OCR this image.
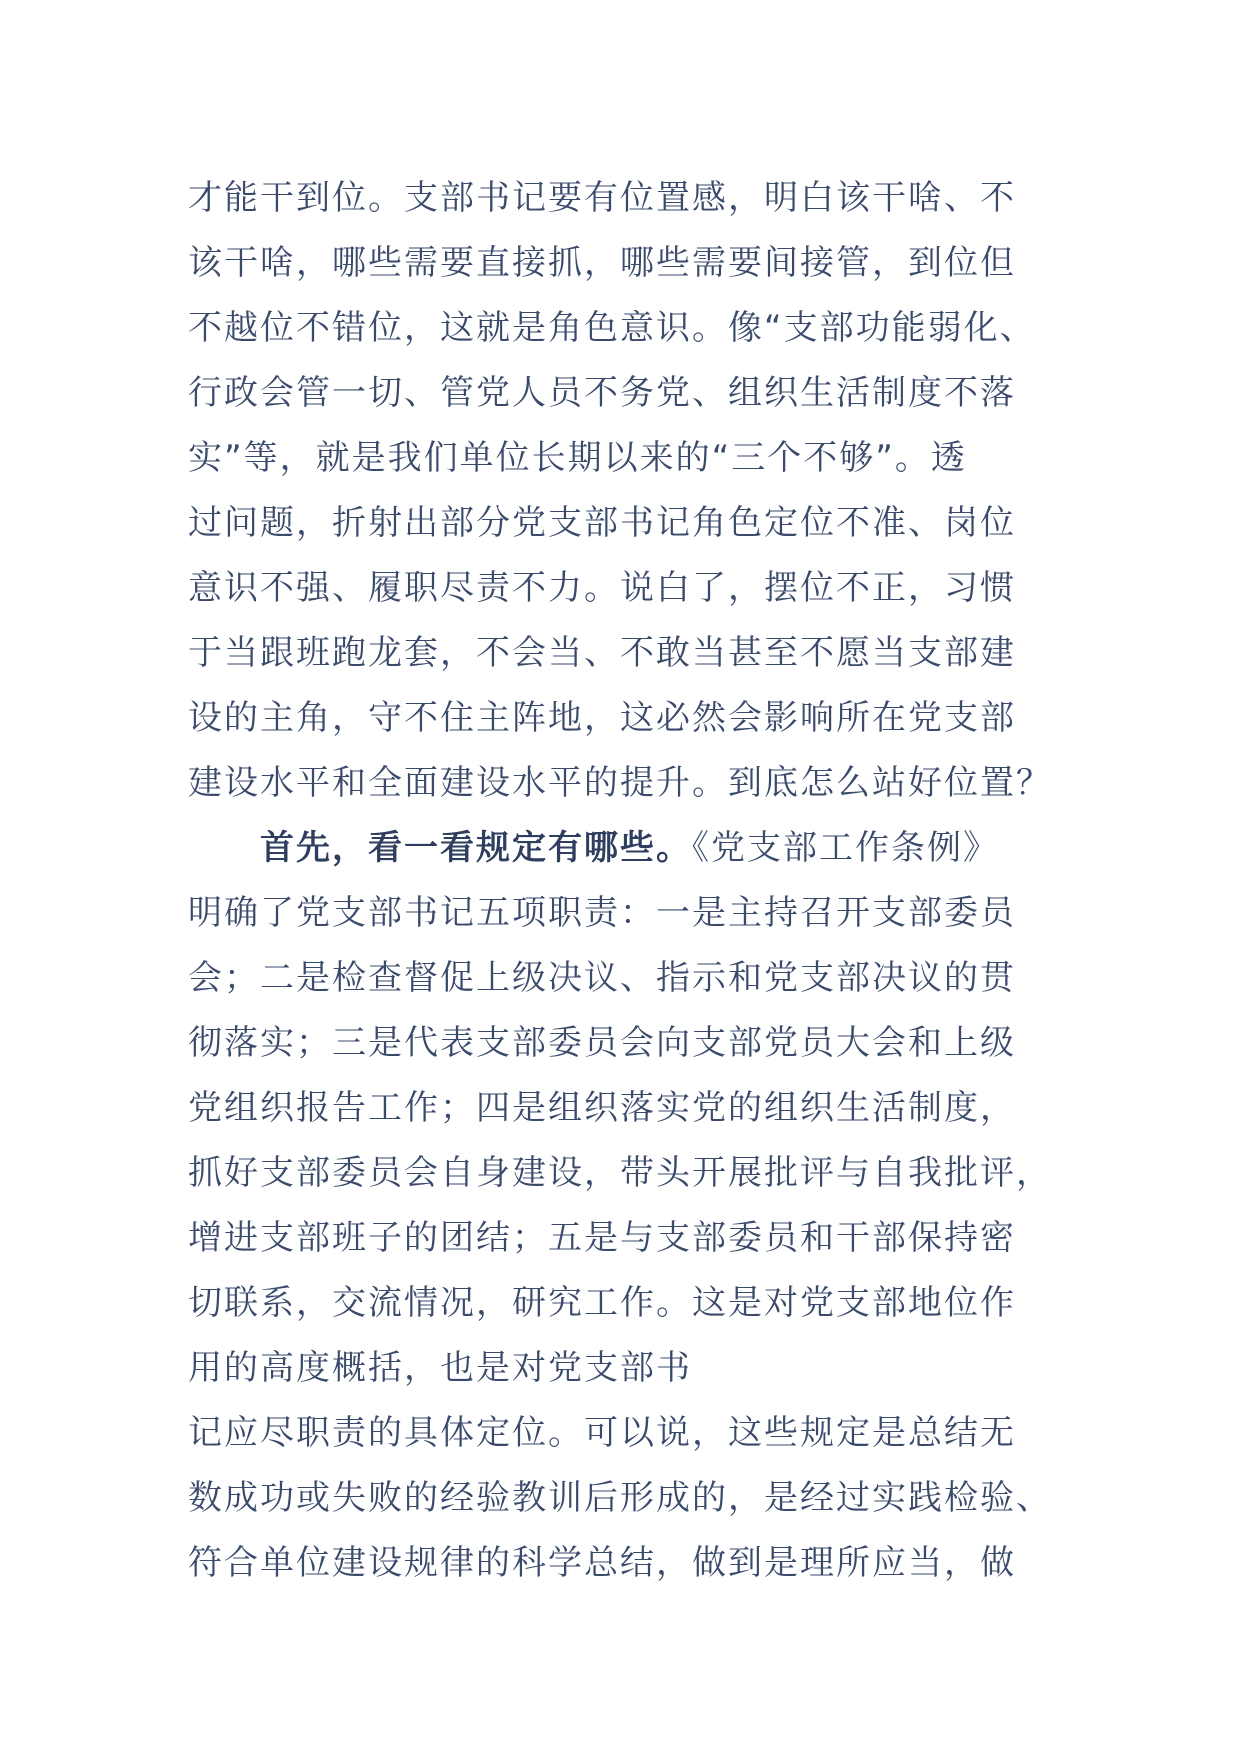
才能干到位。支部书记要有位置感，明白该干啥、不
该干啥，哪些需要直接抓，哪些需要间接管，到位但
不越位不错位，这就是角色意识。像“支部功能弱化、
行政会管一切、管党人员不务党、组织生活制度不落
实”等，就是我们单位长期以来的“三个不够”。透
过问题，折射出部分党支部书记角色定位不准、岗位
意识不强、履职尽责不力。说白了，摆位不正，习惯
于当跟班跑龙套，不会当、不敢当甚至不愿当支部建
设的主角，守不住主阵地，这必然会影响所在党支部
建设水平和全面建设水平的提升。到底怎么站好位置？
首先，看一看规定有哪些。《党支部工作条例》
明确了党支部书记五项职责：一是主持召开支部委员
会；二是检查督促上级决议、指示和党支部决议的贯
彻落实；三是代表支部委员会向支部党员大会和上级
党组织报告工作；四是组织落实党的组织生活制度，
抓好支部委员会自身建设，带头开展批评与自我批评，
增进支部班子的团结；五是与支部委员和干部保持密
切联系，交流情况，研究工作。这是对党支部地位作
用的高度概括，也是对党支部书
记应尽职责的具体定位。可以说，这些规定是总结无
数成功或失败的经验教训后形成的，是经过实践检验、
符合单位建设规律的科学总结，做到是理所应当，做
